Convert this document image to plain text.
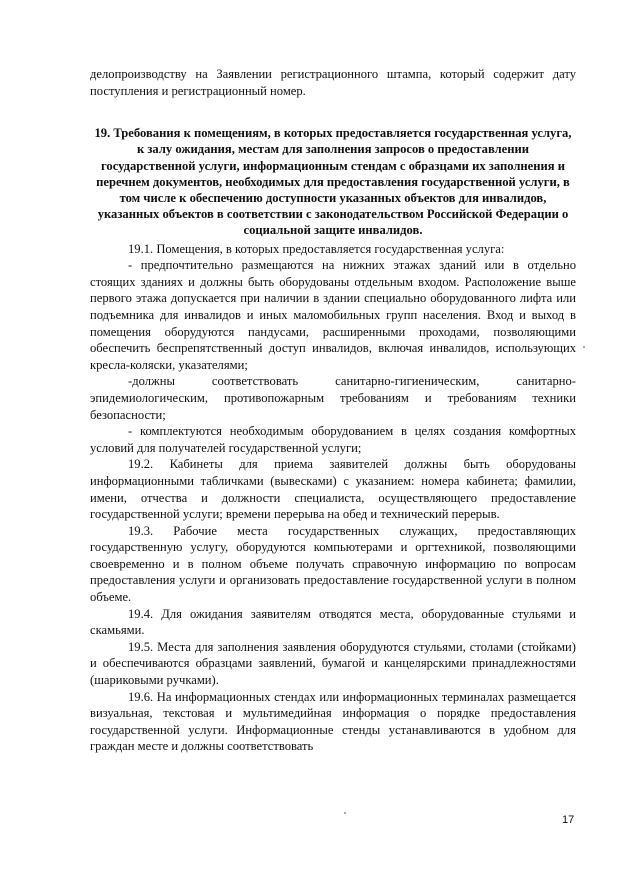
делопроизводству на Заявлении регистрационного штампа, который содержит дату поступления и регистрационный номер.

19. Требования к помещениям, в которых предоставляется государственная услуга, к залу ожидания, местам для заполнения запросов о предоставлении государственной услуги, информационным стендам с образцами их заполнения и перечнем документов, необходимых для предоставления государственной услуги, в том числе к обеспечению доступности указанных объектов для инвалидов, указанных объектов в соответствии с законодательством Российской Федерации о социальной защите инвалидов.

19.1. Помещения, в которых предоставляется государственная услуга:

- предпочтительно размещаются на нижних этажах зданий или в отдельно стоящих зданиях и должны быть оборудованы отдельным входом. Расположение выше первого этажа допускается при наличии в здании специально оборудованного лифта или подъемника для инвалидов и иных маломобильных групп населения. Вход и выход в помещения оборудуются пандусами, расширенными проходами, позволяющими обеспечить беспрепятственный доступ инвалидов, включая инвалидов, использующих кресла-коляски, указателями;

-должны соответствовать санитарно-гигиеническим, санитарно-эпидемиологическим, противопожарным требованиям и требованиям техники безопасности;

- комплектуются необходимым оборудованием в целях создания комфортных условий для получателей государственной услуги;

19.2. Кабинеты для приема заявителей должны быть оборудованы информационными табличками (вывесками) с указанием: номера кабинета; фамилии, имени, отчества и должности специалиста, осуществляющего предоставление государственной услуги; времени перерыва на обед и технический перерыв.

19.3. Рабочие места государственных служащих, предоставляющих государственную услугу, оборудуются компьютерами и оргтехникой, позволяющими своевременно и в полном объеме получать справочную информацию по вопросам предоставления услуги и организовать предоставление государственной услуги в полном объеме.

19.4. Для ожидания заявителям отводятся места, оборудованные стульями и скамьями.

19.5. Места для заполнения заявления оборудуются стульями, столами (стойками) и обеспечиваются образцами заявлений, бумагой и канцелярскими принадлежностями (шариковыми ручками).

19.6. На информационных стендах или информационных терминалах размещается визуальная, текстовая и мультимедийная информация о порядке предоставления государственной услуги. Информационные стенды устанавливаются в удобном для граждан месте и должны соответствовать

17
